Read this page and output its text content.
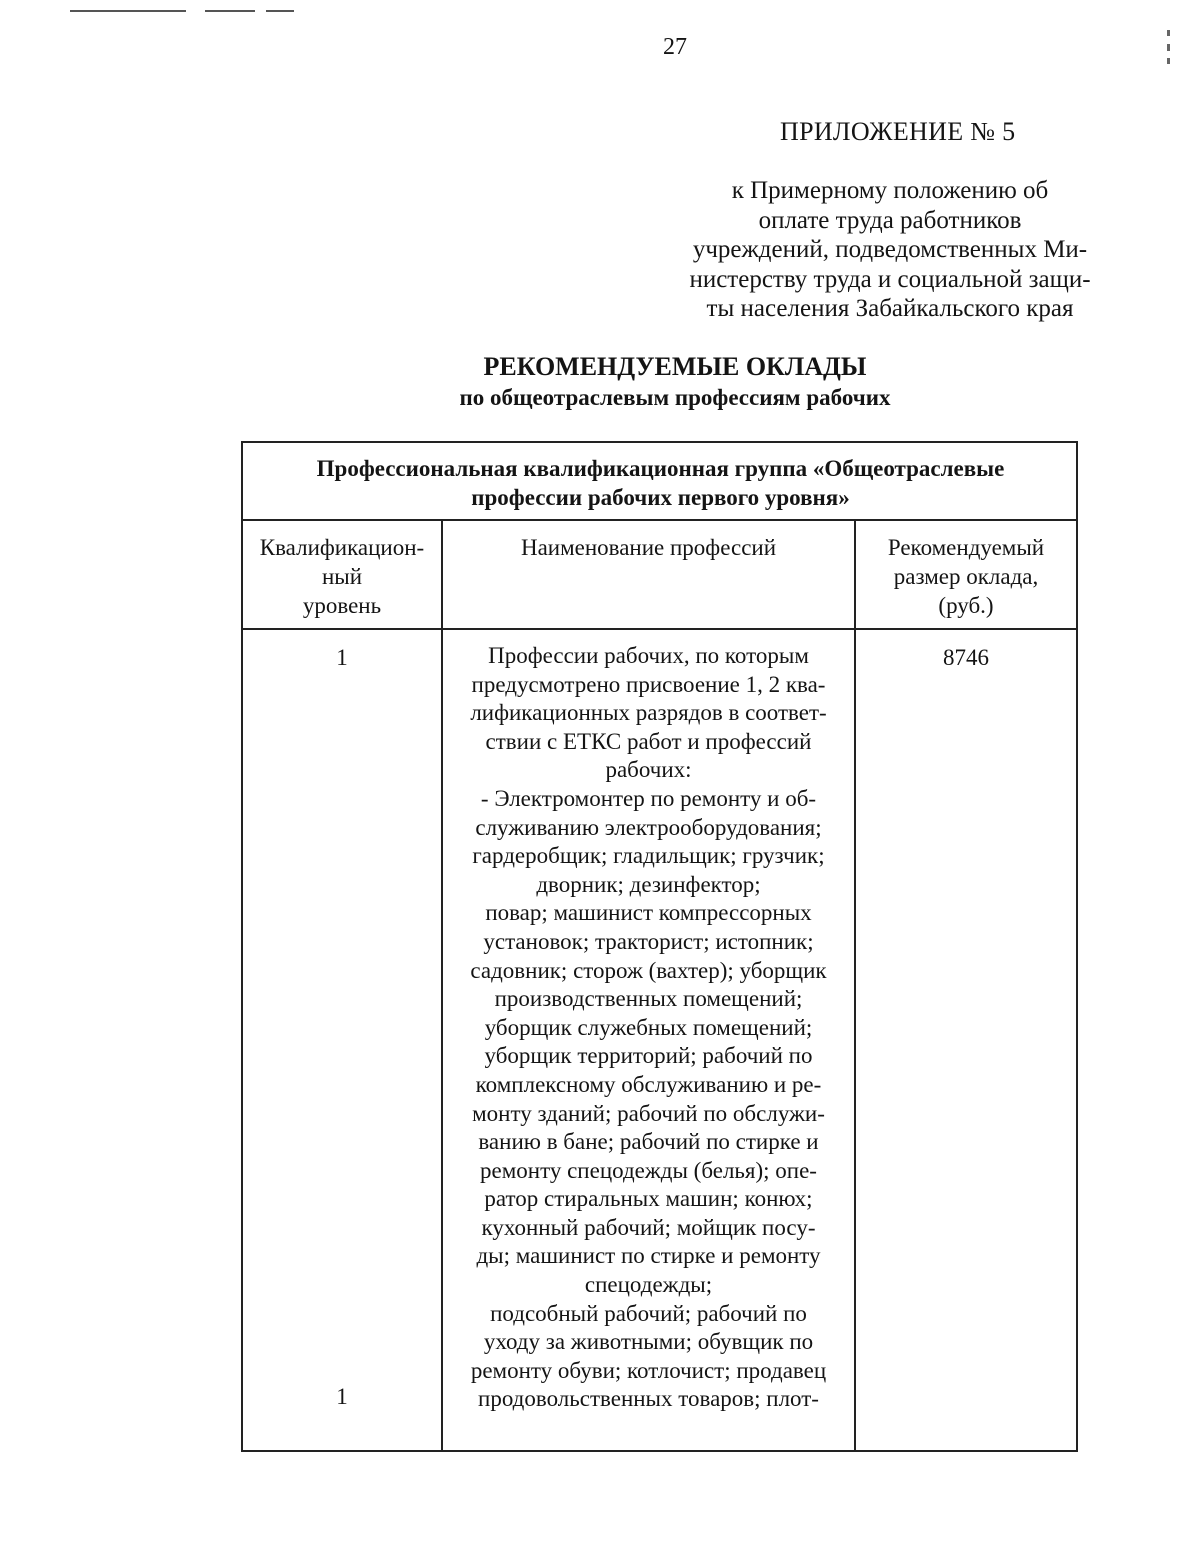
27
ПРИЛОЖЕНИЕ № 5
к Примерному положению об
оплате труда работников
учреждений, подведомственных Ми-
нистерству труда и социальной защи-
ты населения Забайкальского края
РЕКОМЕНДУЕМЫЕ ОКЛАДЫ
по общеотраслевым профессиям рабочих
Профессиональная квалификационная группа «Общеотраслевые
профессии рабочих первого уровня»
Квалификацион-
ный
уровень
Наименование профессий	Рекомендуемый
размер оклада,
(руб.)
1
1
8746
Профессии рабочих, по которым
предусмотрено присвоение 1, 2 ква-
лификационных разрядов в соответ-
ствии с ЕТКС работ и профессий
рабочих:
- Электромонтер по ремонту и об-
служиванию электрооборудования;
гардеробщик; гладильщик; грузчик;
дворник; дезинфектор;
повар; машинист компрессорных
установок; тракторист; истопник;
садовник; сторож (вахтер); уборщик
производственных помещений;
уборщик служебных помещений;
уборщик территорий; рабочий по
комплексному обслуживанию и ре-
монту зданий; рабочий по обслужи-
ванию в бане; рабочий по стирке и
ремонту спецодежды (белья); опе-
ратор стиральных машин; конюх;
кухонный рабочий; мойщик посу-
ды; машинист по стирке и ремонту
спецодежды;
подсобный рабочий; рабочий по
уходу за животными; обувщик по
ремонту обуви; котлочист; продавец
продовольственных товаров; плот-
